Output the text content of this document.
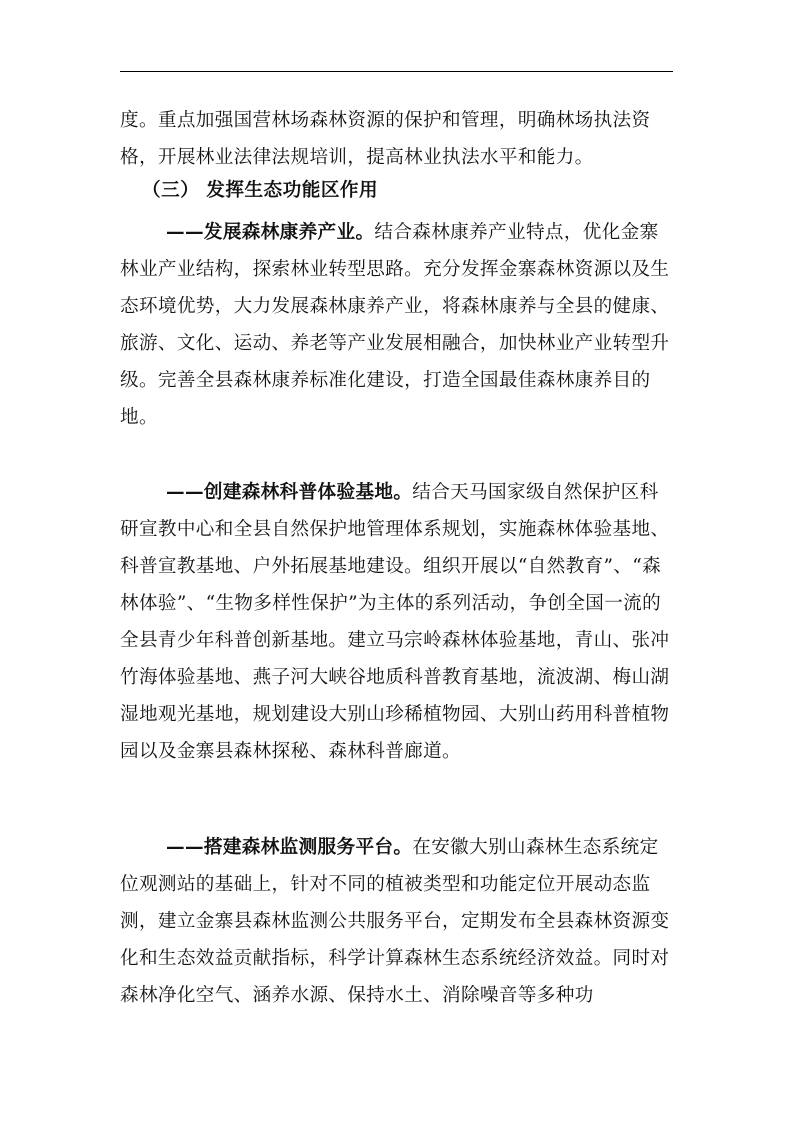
度。重点加强国营林场森林资源的保护和管理，明确林场执法资格，开展林业法律法规培训，提高林业执法水平和能力。

（三） 发挥生态功能区作用

——发展森林康养产业。结合森林康养产业特点，优化金寨林业产业结构，探索林业转型思路。充分发挥金寨森林资源以及生态环境优势，大力发展森林康养产业，将森林康养与全县的健康、旅游、文化、运动、养老等产业发展相融合，加快林业产业转型升级。完善全县森林康养标准化建设，打造全国最佳森林康养目的地。

——创建森林科普体验基地。结合天马国家级自然保护区科研宣教中心和全县自然保护地管理体系规划，实施森林体验基地、科普宣教基地、户外拓展基地建设。组织开展以“自然教育”、“森林体验”、“生物多样性保护”为主体的系列活动，争创全国一流的全县青少年科普创新基地。建立马宗岭森林体验基地，青山、张冲竹海体验基地、燕子河大峡谷地质科普教育基地，流波湖、梅山湖湿地观光基地，规划建设大别山珍稀植物园、大别山药用科普植物园以及金寨县森林探秘、森林科普廊道。

——搭建森林监测服务平台。在安徽大别山森林生态系统定位观测站的基础上，针对不同的植被类型和功能定位开展动态监测，建立金寨县森林监测公共服务平台，定期发布全县森林资源变化和生态效益贡献指标，科学计算森林生态系统经济效益。同时对森林净化空气、涵养水源、保持水土、消除噪音等多种功
